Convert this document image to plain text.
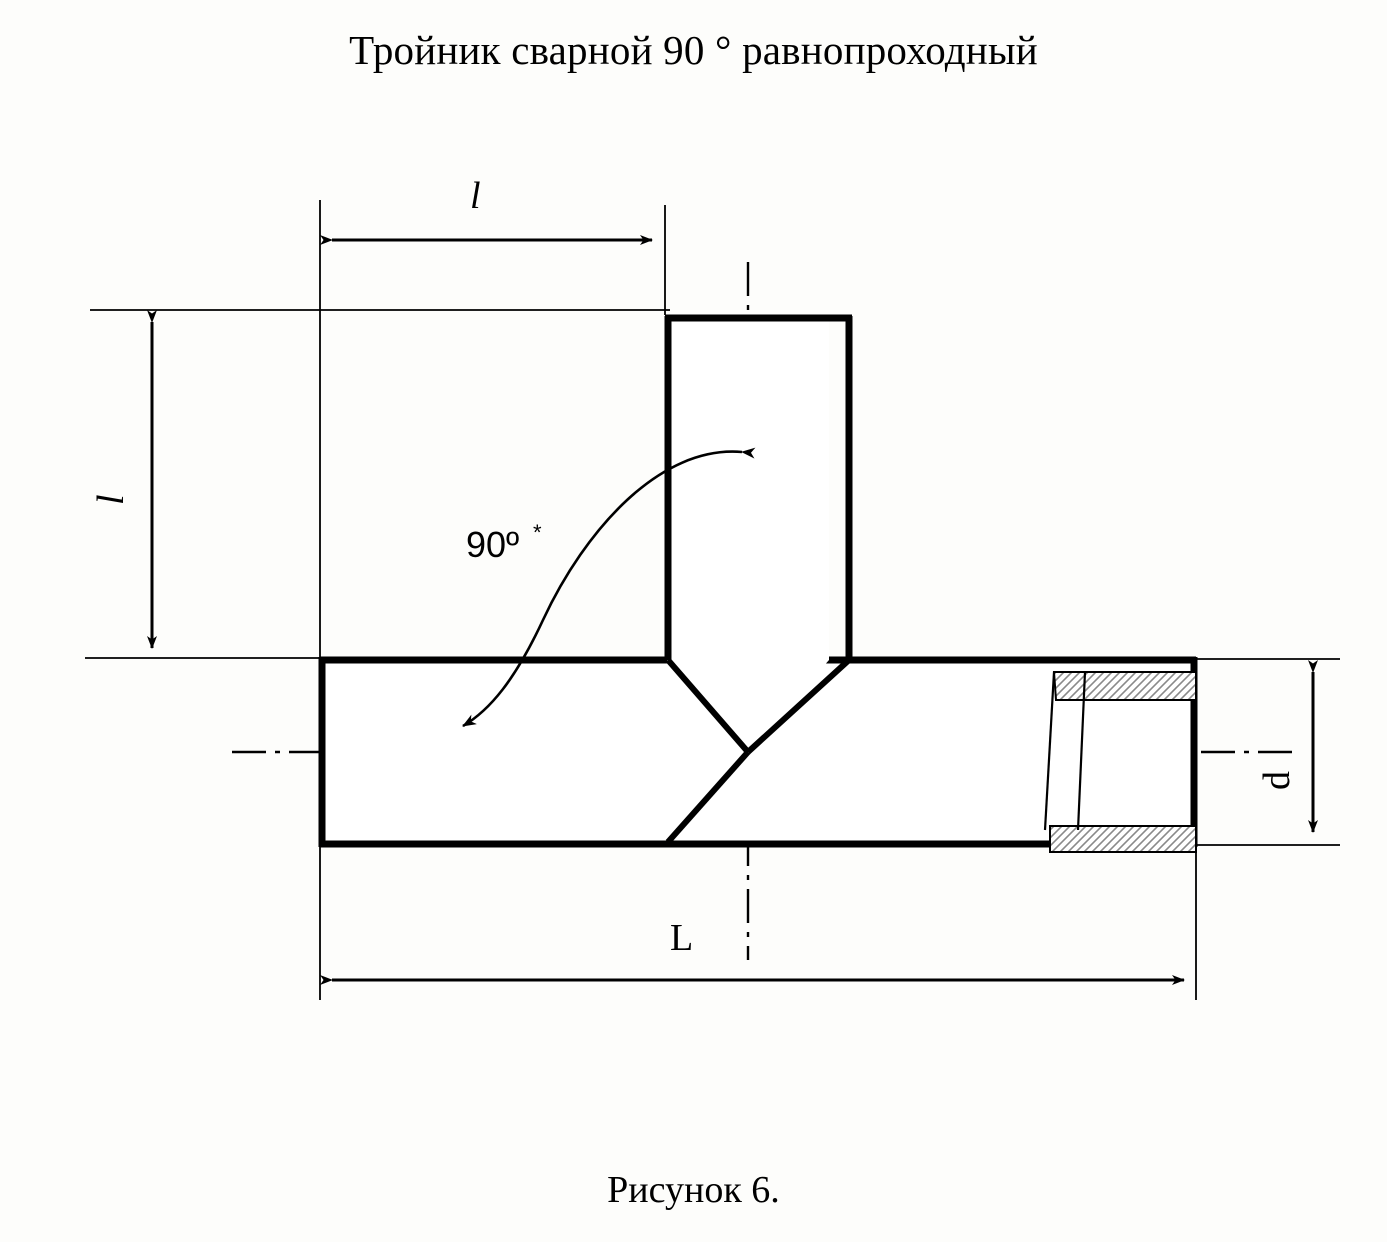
Тройник сварной 90 ° равнопроходный
l
l
d
L
90º *
Рисунок 6.
